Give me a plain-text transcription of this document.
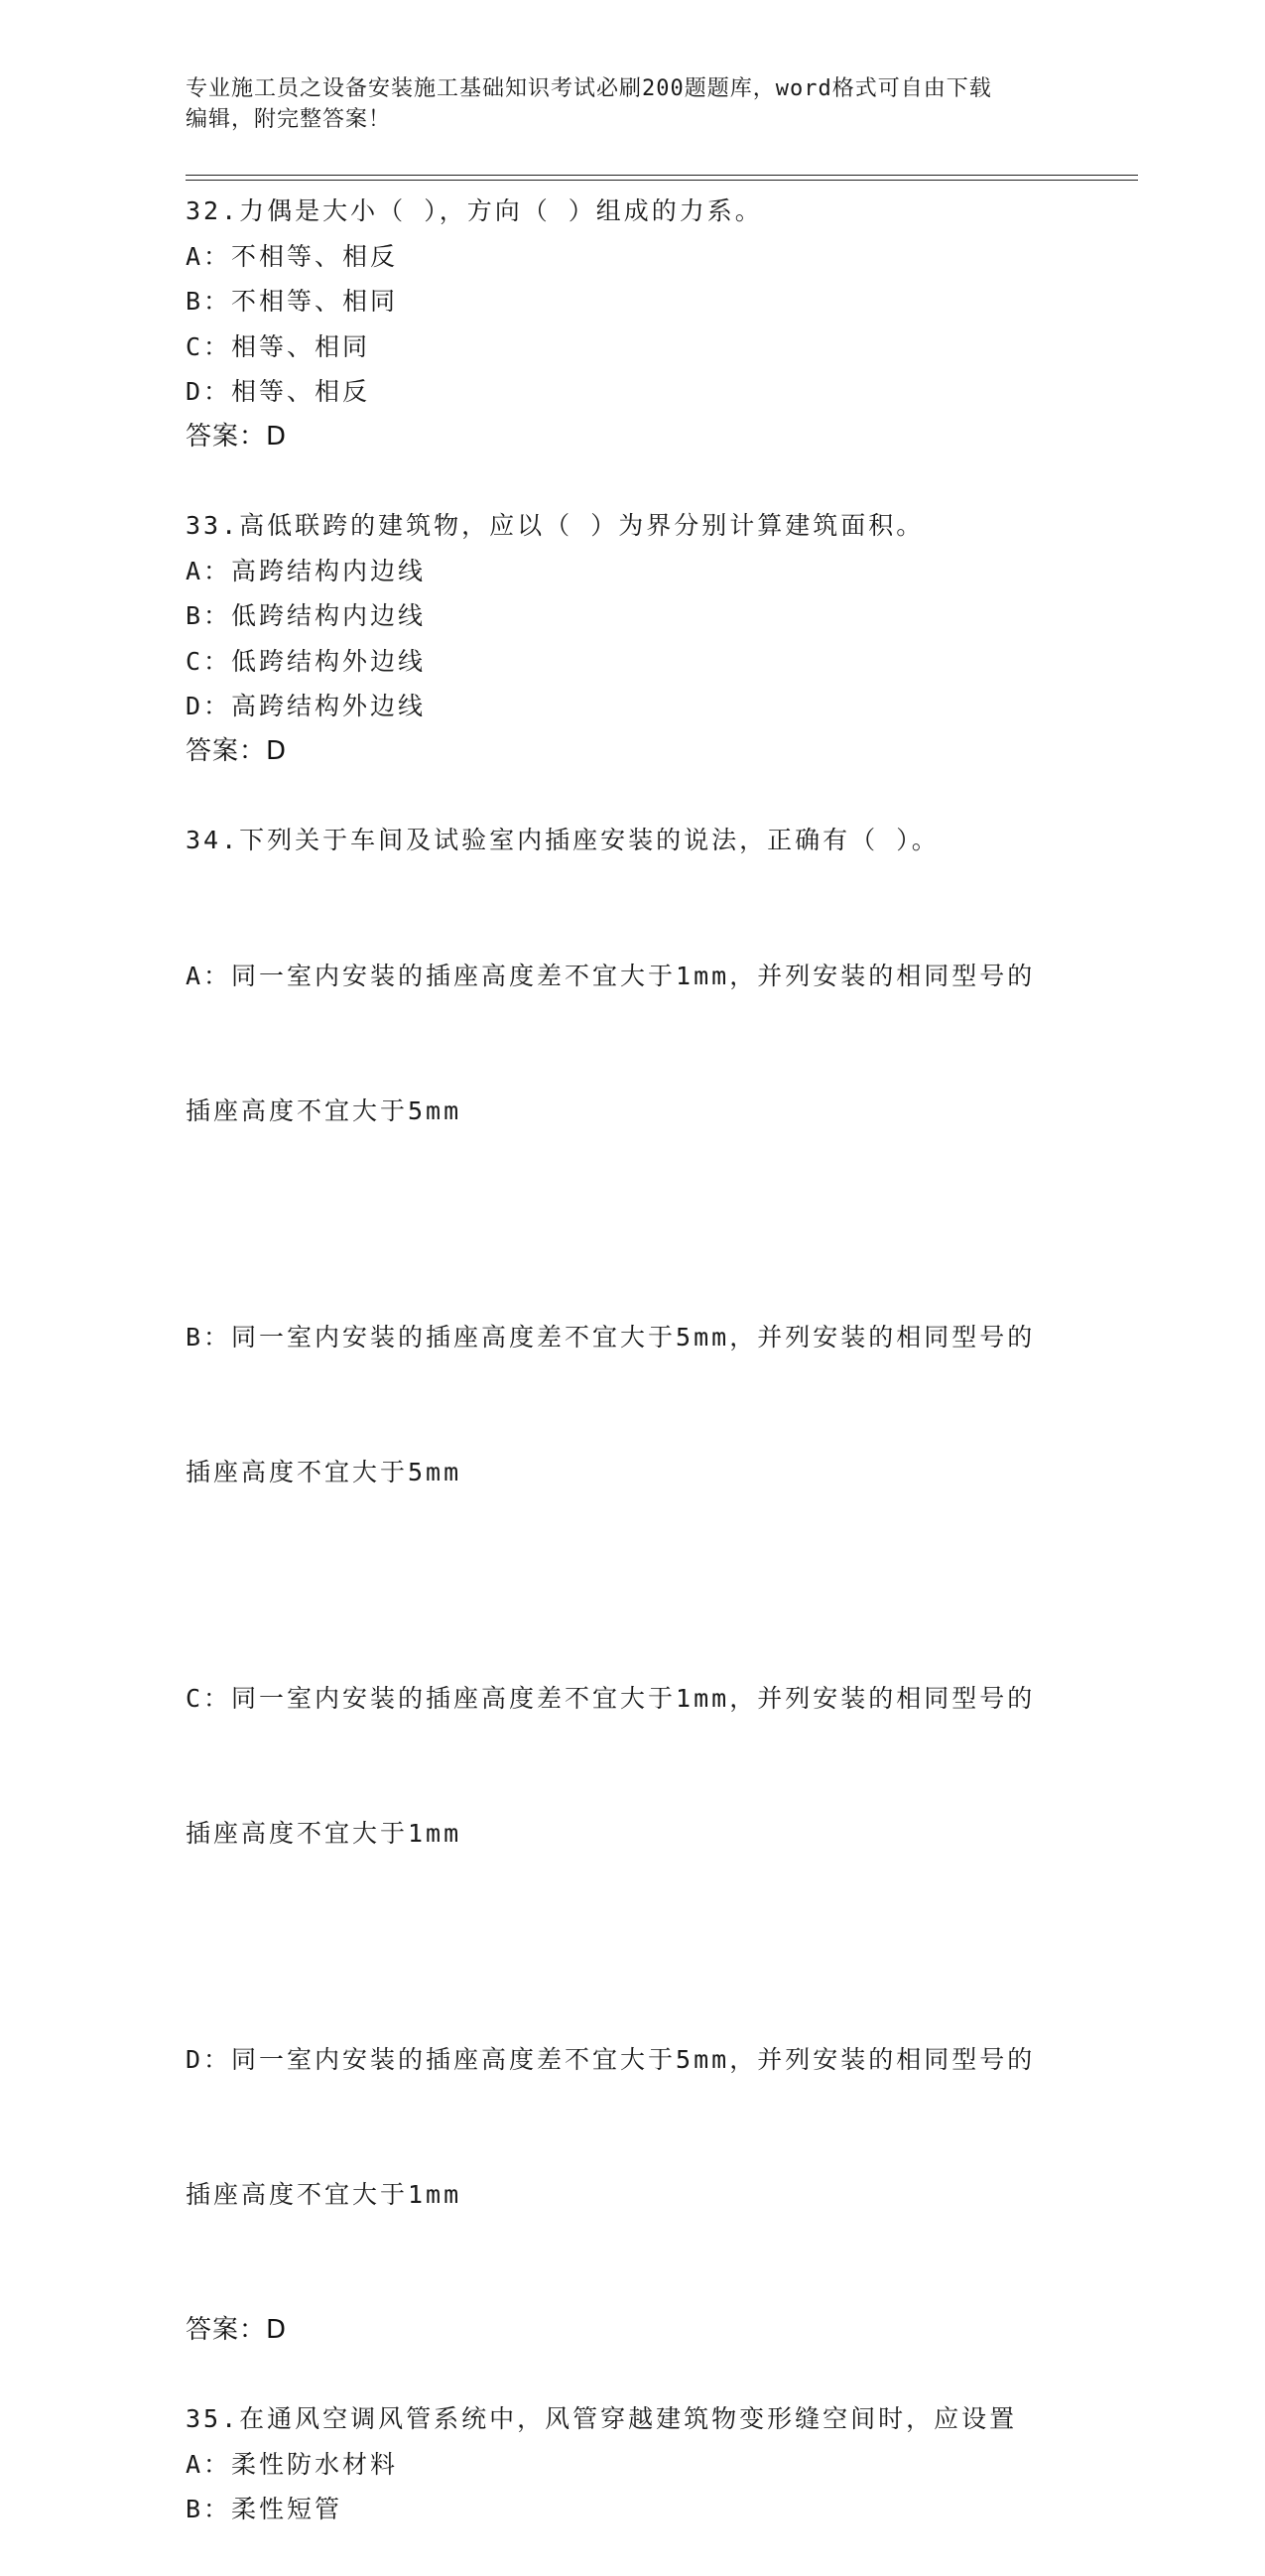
专业施工员之设备安装施工基础知识考试必刷200题题库，word格式可自由下载
编辑，附完整答案！
32.力偶是大小（ ），方向（ ）组成的力系。
A：不相等、相反
B：不相等、相同
C：相等、相同
D：相等、相反
答案：D
33.高低联跨的建筑物，应以（ ）为界分别计算建筑面积。
A：高跨结构内边线
B：低跨结构内边线
C：低跨结构外边线
D：高跨结构外边线
答案：D
34.下列关于车间及试验室内插座安装的说法，正确有（ ）。

A：同一室内安装的插座高度差不宜大于1mm，并列安装的相同型号的

插座高度不宜大于5mm

B：同一室内安装的插座高度差不宜大于5mm，并列安装的相同型号的

插座高度不宜大于5mm

C：同一室内安装的插座高度差不宜大于1mm，并列安装的相同型号的

插座高度不宜大于1mm

D：同一室内安装的插座高度差不宜大于5mm，并列安装的相同型号的

插座高度不宜大于1mm

答案：D
35.在通风空调风管系统中，风管穿越建筑物变形缝空间时，应设置
A：柔性防水材料
B：柔性短管
